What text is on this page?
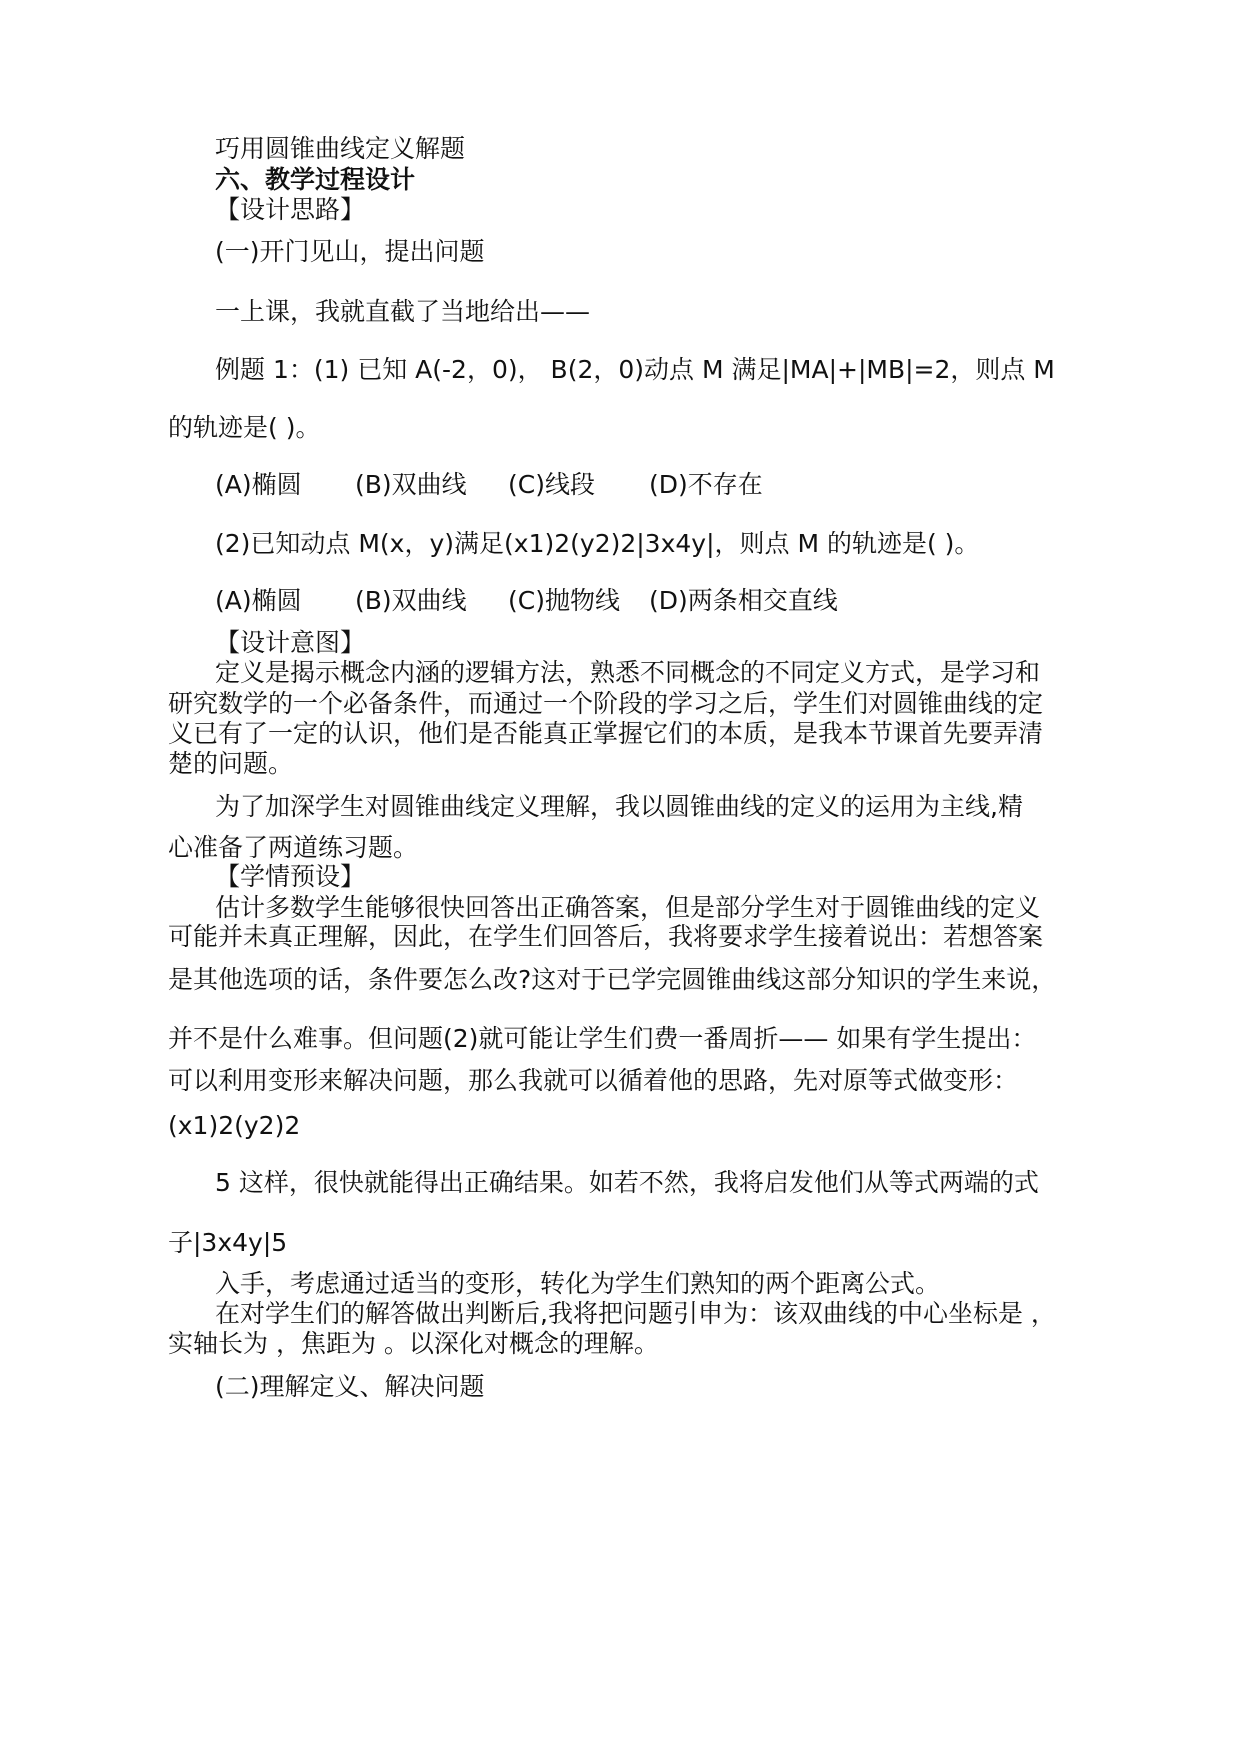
巧用圆锥曲线定义解题
六、教学过程设计
【设计思路】
(一)开门见山，提出问题
一上课，我就直截了当地给出——
例题 1：(1) 已知 A(-2，0)， B(2，0)动点 M 满足|MA|+|MB|=2，则点 M
的轨迹是( )。
(A)椭圆 (B)双曲线 (C)线段 (D)不存在
(2)已知动点 M(x，y)满足(x1)2(y2)2|3x4y|，则点 M 的轨迹是( )。
(A)椭圆 (B)双曲线 (C)抛物线 (D)两条相交直线
【设计意图】
定义是揭示概念内涵的逻辑方法，熟悉不同概念的不同定义方式，是学习和
研究数学的一个必备条件，而通过一个阶段的学习之后，学生们对圆锥曲线的定
义已有了一定的认识，他们是否能真正掌握它们的本质，是我本节课首先要弄清
楚的问题。
为了加深学生对圆锥曲线定义理解，我以圆锥曲线的定义的运用为主线,精
心准备了两道练习题。
【学情预设】
估计多数学生能够很快回答出正确答案，但是部分学生对于圆锥曲线的定义
可能并未真正理解，因此，在学生们回答后，我将要求学生接着说出：若想答案
是其他选项的话，条件要怎么改?这对于已学完圆锥曲线这部分知识的学生来说，
并不是什么难事。但问题(2)就可能让学生们费一番周折—— 如果有学生提出：
可以利用变形来解决问题，那么我就可以循着他的思路，先对原等式做变形：
(x1)2(y2)2
5 这样，很快就能得出正确结果。如若不然，我将启发他们从等式两端的式
子|3x4y|5
入手，考虑通过适当的变形，转化为学生们熟知的两个距离公式。
在对学生们的解答做出判断后,我将把问题引申为：该双曲线的中心坐标是 ，
实轴长为 ，焦距为 。以深化对概念的理解。
(二)理解定义、解决问题
